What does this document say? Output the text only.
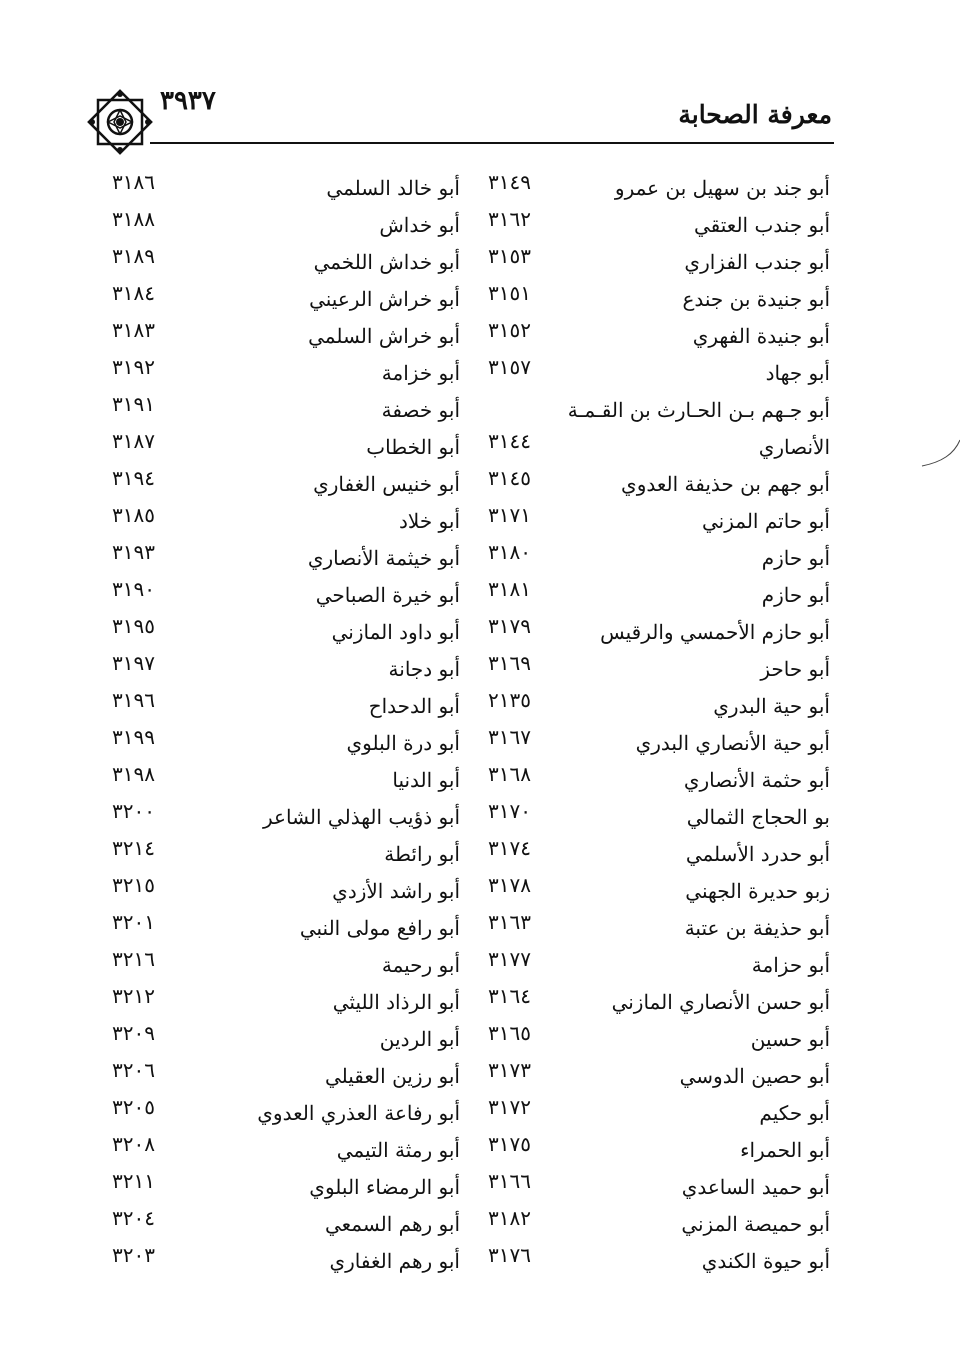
معرفة الصحابة
٣٩٣٧
أبو جند بن سهيل بن عمرو
٣١٤٩
أبو جندب العتقي
٣١٦٢
أبو جندب الفزاري
٣١٥٣
أبو جنيدة بن جندع
٣١٥١
أبو جنيدة الفهري
٣١٥٢
أبو جهاد
٣١٥٧
أبو جـهم بـن الحـارث بن القـمـة
الأنصاري
٣١٤٤
أبو جهم بن حذيفة العدوي
٣١٤٥
أبو حاتم المزني
٣١٧١
أبو حازم
٣١٨٠
أبو حازم
٣١٨١
أبو حازم الأحمسي والرقيس
٣١٧٩
أبو حاحز
٣١٦٩
أبو حية البدري
٢١٣٥
أبو حية الأنصاري البدري
٣١٦٧
أبو حثمة الأنصاري
٣١٦٨
بو الحجاج الثمالي
٣١٧٠
أبو حدرد الأسلمي
٣١٧٤
زبو حديرة الجهني
٣١٧٨
أبو حذيفة بن عتبة
٣١٦٣
أبو حزامة
٣١٧٧
أبو حسن الأنصاري المازني
٣١٦٤
أبو حسين
٣١٦٥
أبو حصين الدوسي
٣١٧٣
أبو حكيم
٣١٧٢
أبو الحمراء
٣١٧٥
أبو حميد الساعدي
٣١٦٦
أبو حميصة المزني
٣١٨٢
أبو حيوة الكندي
٣١٧٦
أبو خالد السلمي
٣١٨٦
أبو خداش
٣١٨٨
أبو خداش اللخمي
٣١٨٩
أبو خراش الرعيني
٣١٨٤
أبو خراش السلمي
٣١٨٣
أبو خزامة
٣١٩٢
أبو خصفة
٣١٩١
أبو الخطاب
٣١٨٧
أبو خنيس الغفاري
٣١٩٤
أبو خلاد
٣١٨٥
أبو خيثمة الأنصاري
٣١٩٣
أبو خيرة الصباحي
٣١٩٠
أبو داود المازني
٣١٩٥
أبو دجانة
٣١٩٧
أبو الدحداح
٣١٩٦
أبو درة البلوي
٣١٩٩
أبو الدنيا
٣١٩٨
أبو ذؤيب الهذلي الشاعر
٣٢٠٠
أبو رائطة
٣٢١٤
أبو راشد الأزدي
٣٢١٥
أبو رافع مولى النبي
٣٢٠١
أبو رحيمة
٣٢١٦
أبو الرذاد الليثي
٣٢١٢
أبو الردين
٣٢٠٩
أبو رزين العقيلي
٣٢٠٦
أبو رفاعة العذري العدوي
٣٢٠٥
أبو رمثة التيمي
٣٢٠٨
أبو الرمضاء البلوي
٣٢١١
أبو رهم السمعي
٣٢٠٤
أبو رهم الغفاري
٣٢٠٣
